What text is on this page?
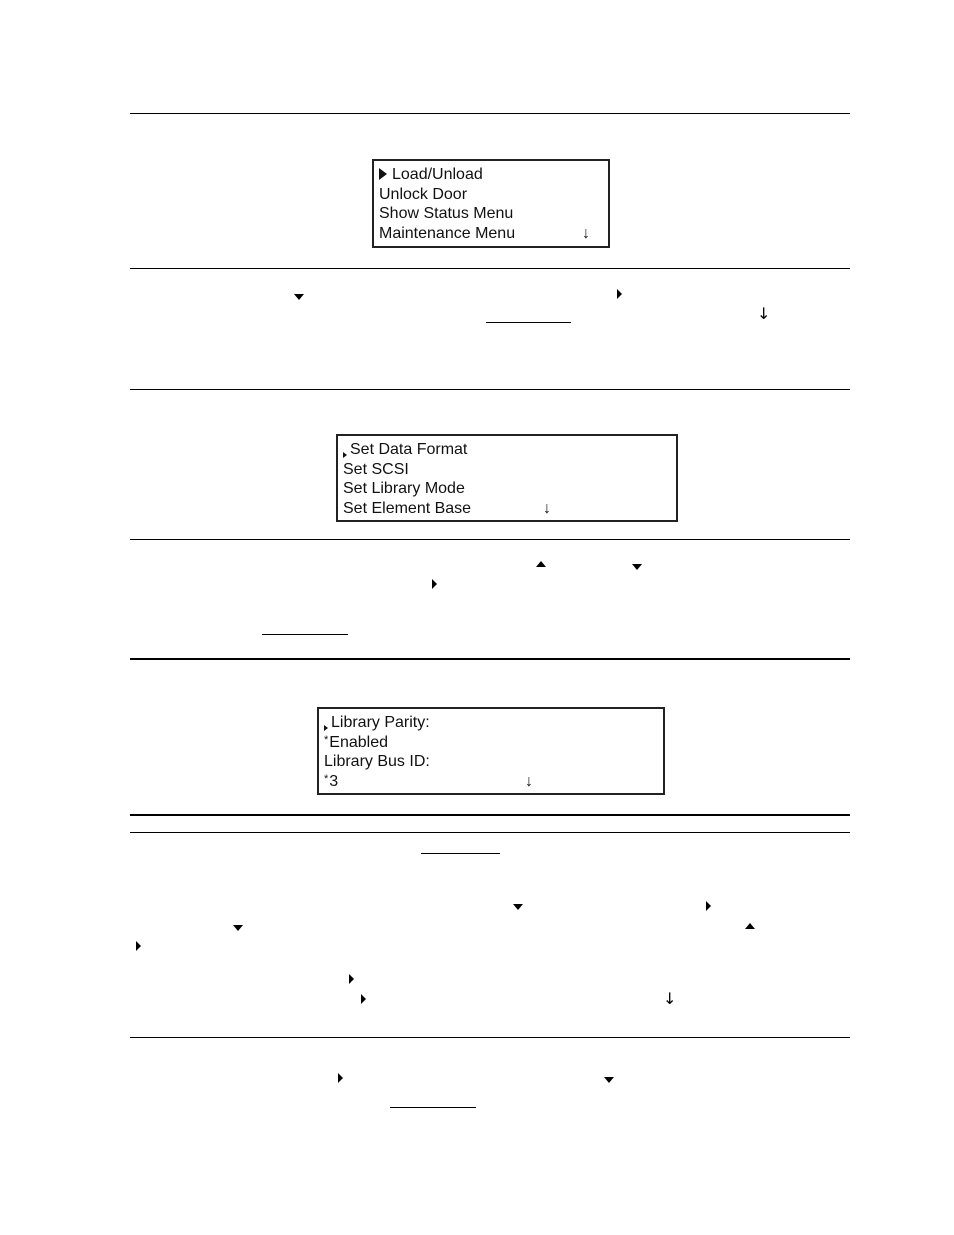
Load/Unload
Unlock Door
Show Status Menu
Maintenance Menu	↓
Set Data Format
Set SCSI
Set Library Mode
Set Element Base	↓
Library Parity:
*Enabled
Library Bus ID:
*3	↓
↓
↓
